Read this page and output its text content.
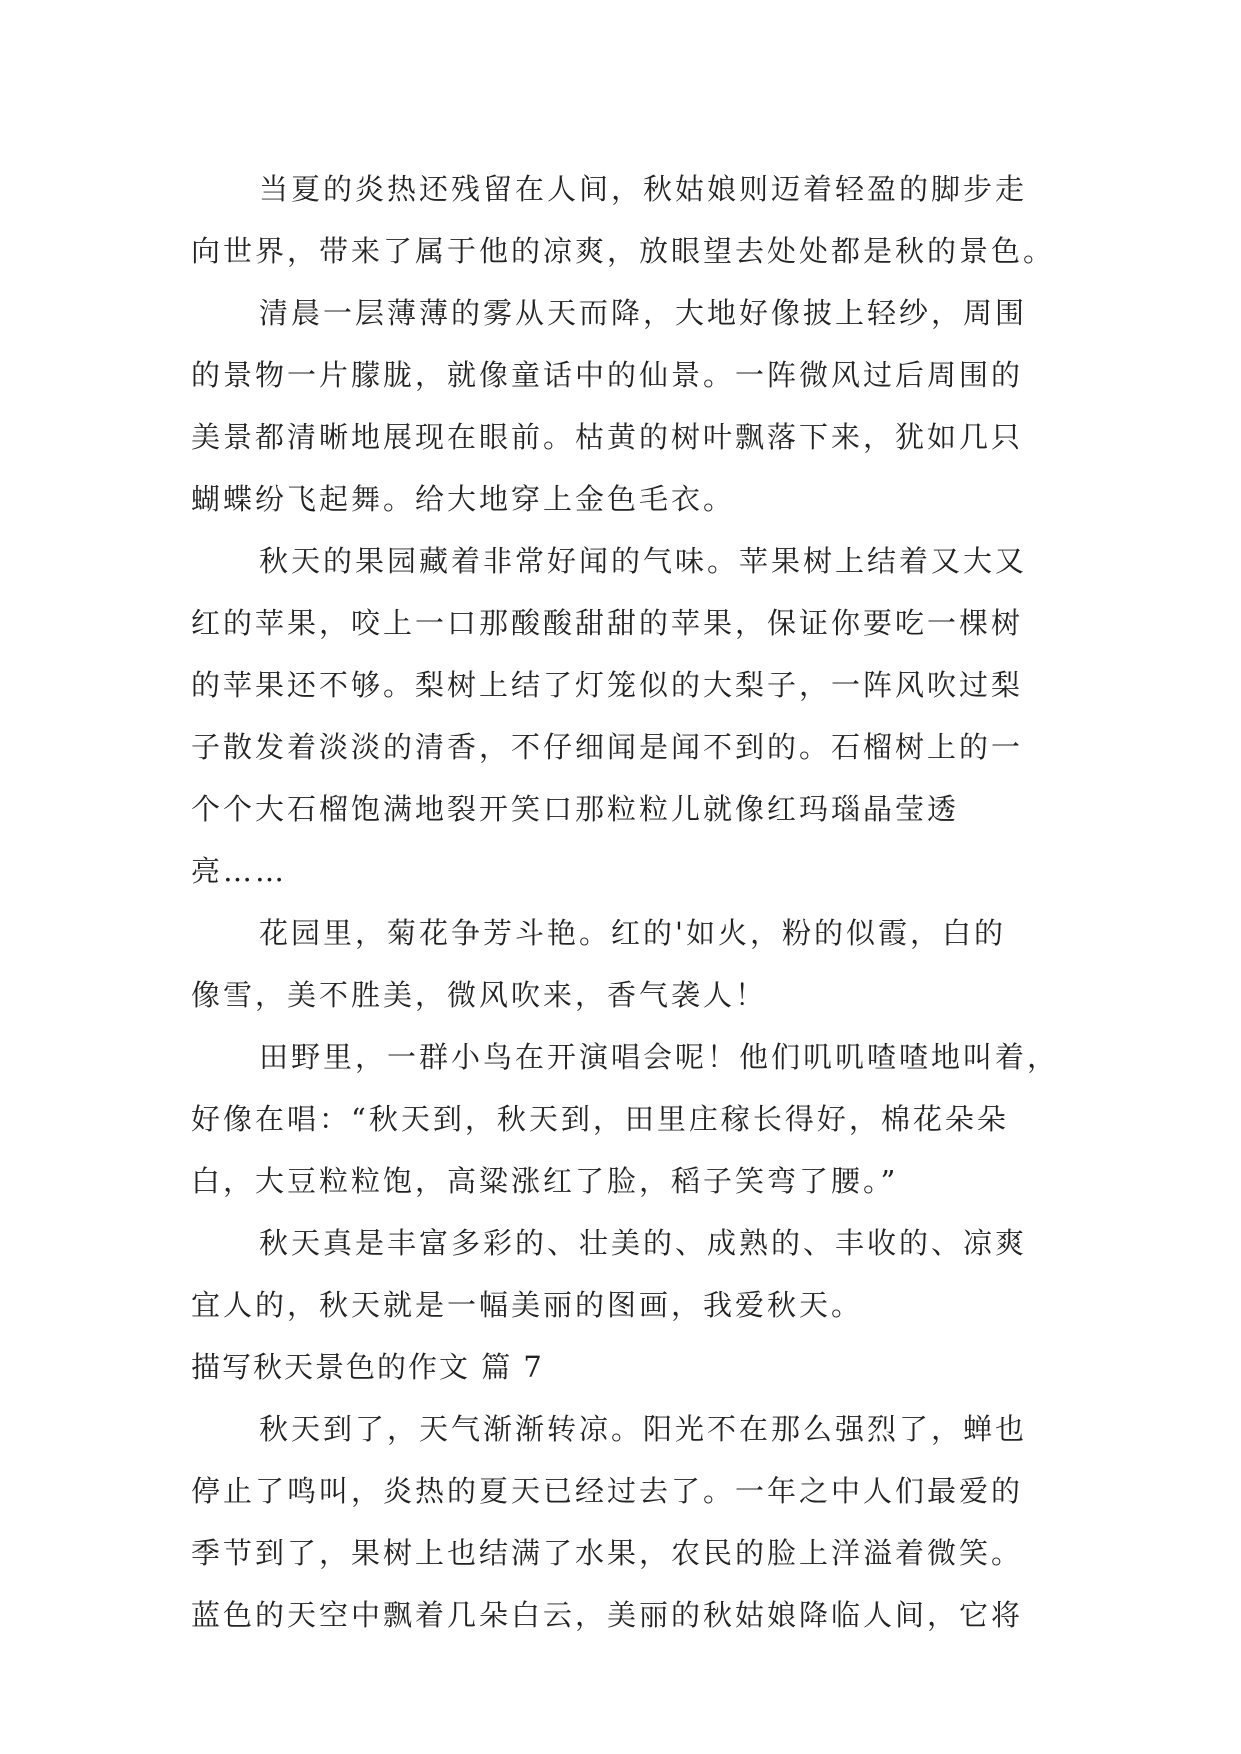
当夏的炎热还残留在人间，秋姑娘则迈着轻盈的脚步走
向世界，带来了属于他的凉爽，放眼望去处处都是秋的景色。
清晨一层薄薄的雾从天而降，大地好像披上轻纱，周围
的景物一片朦胧，就像童话中的仙景。一阵微风过后周围的
美景都清晰地展现在眼前。枯黄的树叶飘落下来，犹如几只
蝴蝶纷飞起舞。给大地穿上金色毛衣。
秋天的果园藏着非常好闻的气味。苹果树上结着又大又
红的苹果，咬上一口那酸酸甜甜的苹果，保证你要吃一棵树
的苹果还不够。梨树上结了灯笼似的大梨子，一阵风吹过梨
子散发着淡淡的清香，不仔细闻是闻不到的。石榴树上的一
个个大石榴饱满地裂开笑口那粒粒儿就像红玛瑙晶莹透
亮……
花园里，菊花争芳斗艳。红的'如火，粉的似霞，白的
像雪，美不胜美，微风吹来，香气袭人！
田野里，一群小鸟在开演唱会呢！他们叽叽喳喳地叫着，
好像在唱：“秋天到，秋天到，田里庄稼长得好，棉花朵朵
白，大豆粒粒饱，高粱涨红了脸，稻子笑弯了腰。”
秋天真是丰富多彩的、壮美的、成熟的、丰收的、凉爽
宜人的，秋天就是一幅美丽的图画，我爱秋天。
描写秋天景色的作文 篇 7
秋天到了，天气渐渐转凉。阳光不在那么强烈了，蝉也
停止了鸣叫，炎热的夏天已经过去了。一年之中人们最爱的
季节到了，果树上也结满了水果，农民的脸上洋溢着微笑。
蓝色的天空中飘着几朵白云，美丽的秋姑娘降临人间，它将
